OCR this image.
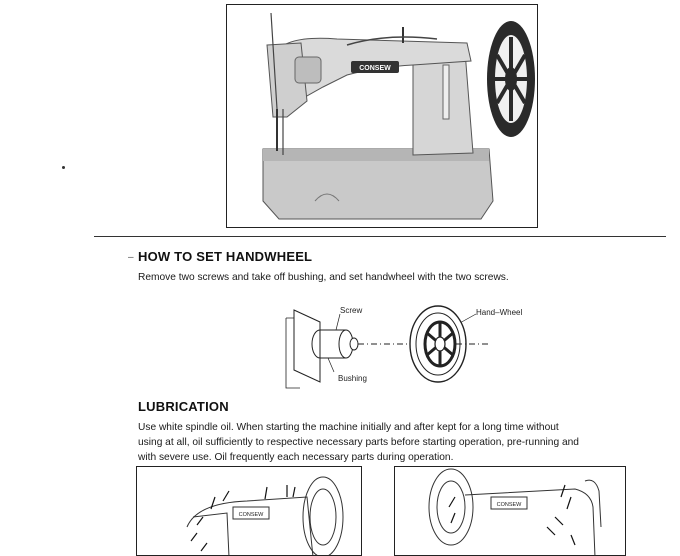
CONSEW
– HOW TO SET HANDWHEEL
Remove two screws and take off bushing, and set handwheel with the two screws.
Screw	Hand–Wheel
Bushing
LUBRICATION
Use white spindle oil. When starting the machine initially and after kept for a long time without
using at all, oil sufficiently to respective necessary parts before starting operation, pre-running and
with severe use. Oil frequently each necessary parts during operation.
CONSEW
CONSEW
